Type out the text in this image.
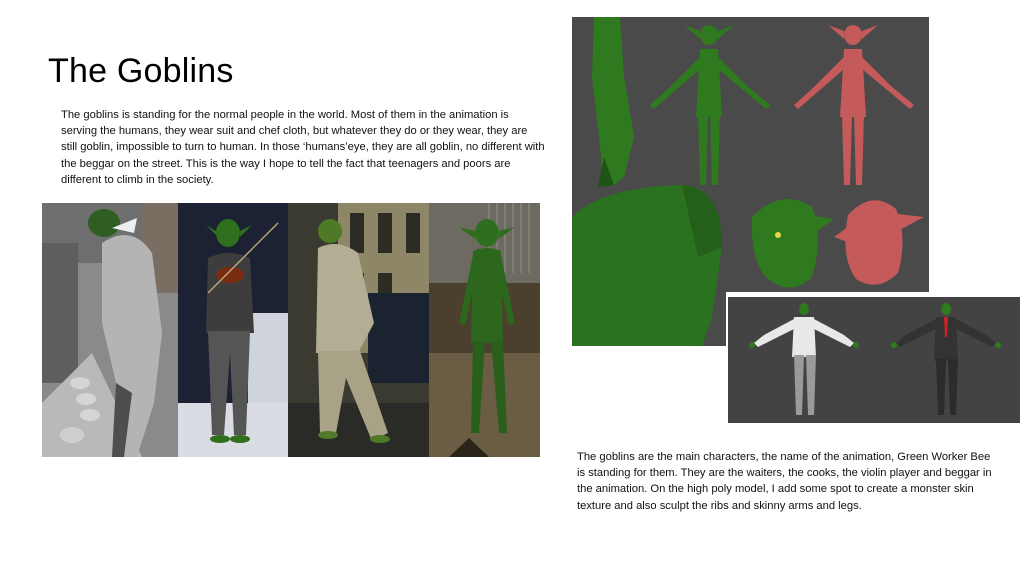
The Goblins

The goblins is standing for the normal people in the world. Most of them in the animation is serving the humans, they wear suit and chef cloth, but whatever they do or they wear, they are still goblin, impossible to turn to human. In those ‘humans’eye, they are all goblin, no different with the beggar on the street. This is the way I hope to tell the fact that teenagers and poors are different to climb in the society.

The goblins are the main characters, the name of the animation, Green Worker Bee is standing for them. They are the waiters, the cooks, the violin player and beggar in the animation. On the high poly model, I add some spot to create a monster skin texture and also sculpt the ribs and skinny arms and legs.
